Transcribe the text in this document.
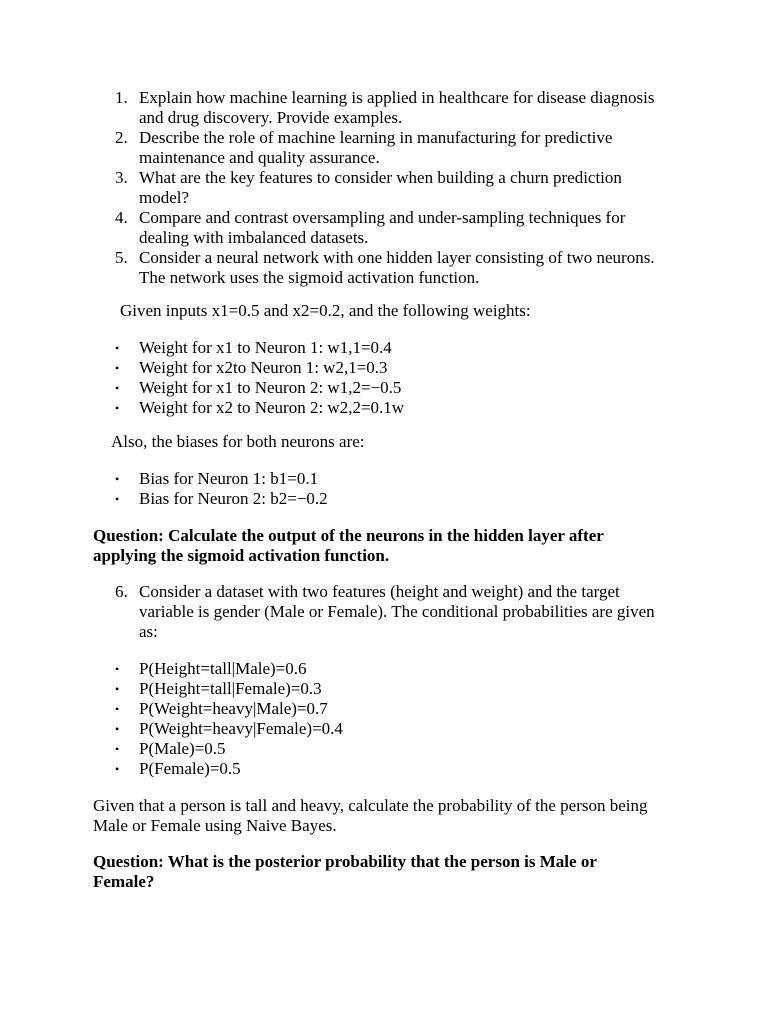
1. Explain how machine learning is applied in healthcare for disease diagnosis and drug discovery. Provide examples.
2. Describe the role of machine learning in manufacturing for predictive maintenance and quality assurance.
3. What are the key features to consider when building a churn prediction model?
4. Compare and contrast oversampling and under-sampling techniques for dealing with imbalanced datasets.
5. Consider a neural network with one hidden layer consisting of two neurons. The network uses the sigmoid activation function.
Given inputs x1=0.5 and x2=0.2, and the following weights:
• Weight for x1 to Neuron 1: w1,1=0.4
• Weight for x2to Neuron 1: w2,1=0.3
• Weight for x1 to Neuron 2: w1,2=−0.5
• Weight for x2 to Neuron 2: w2,2=0.1w
Also, the biases for both neurons are:
• Bias for Neuron 1: b1=0.1
• Bias for Neuron 2: b2=−0.2
Question: Calculate the output of the neurons in the hidden layer after applying the sigmoid activation function.
6. Consider a dataset with two features (height and weight) and the target variable is gender (Male or Female). The conditional probabilities are given as:
• P(Height=tall|Male)=0.6
• P(Height=tall|Female)=0.3
• P(Weight=heavy|Male)=0.7
• P(Weight=heavy|Female)=0.4
• P(Male)=0.5
• P(Female)=0.5
Given that a person is tall and heavy, calculate the probability of the person being Male or Female using Naive Bayes.
Question: What is the posterior probability that the person is Male or Female?
